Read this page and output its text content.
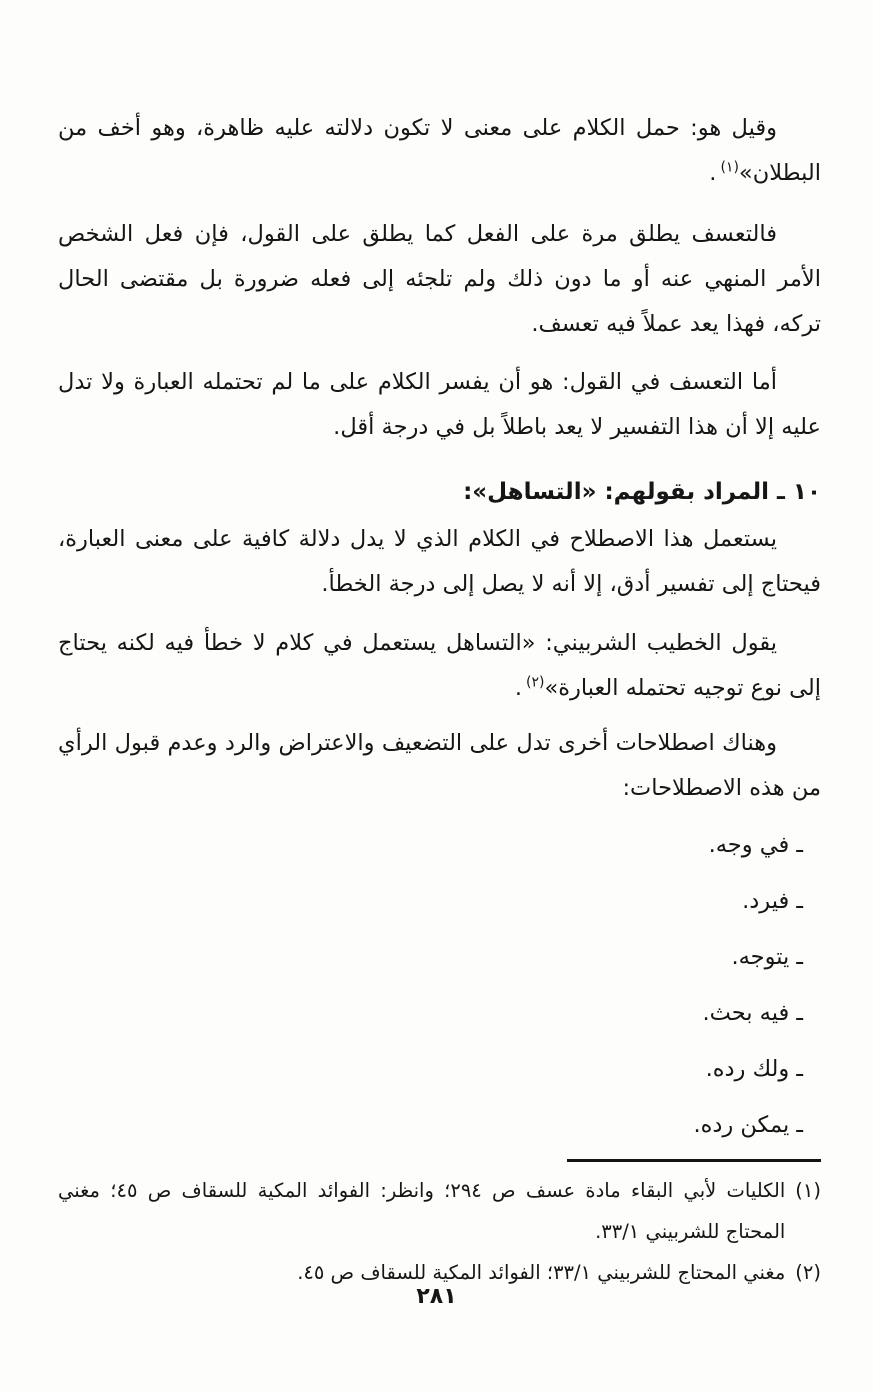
وقيل هو: حمل الكلام على معنى لا تكون دلالته عليه ظاهرة، وهو أخف من البطلان»$^{(١)}$.

فالتعسف يطلق مرة على الفعل كما يطلق على القول، فإن فعل الشخص الأمر المنهي عنه أو ما دون ذلك ولم تلجئه إلى فعله ضرورة بل مقتضى الحال تركه، فهذا يعد عملاً فيه تعسف.

أما التعسف في القول: هو أن يفسر الكلام على ما لم تحتمله العبارة ولا تدل عليه إلا أن هذا التفسير لا يعد باطلاً بل في درجة أقل.

١٠ ـ المراد بقولهم: «التساهل»:

يستعمل هذا الاصطلاح في الكلام الذي لا يدل دلالة كافية على معنى العبارة، فيحتاج إلى تفسير أدق، إلا أنه لا يصل إلى درجة الخطأ.

يقول الخطيب الشربيني: «التساهل يستعمل في كلام لا خطأ فيه لكنه يحتاج إلى نوع توجيه تحتمله العبارة»$^{(٢)}$.

وهناك اصطلاحات أخرى تدل على التضعيف والاعتراض والرد وعدم قبول الرأي من هذه الاصطلاحات:

ـ في وجه.
ـ فيرد.
ـ يتوجه.
ـ فيه بحث.
ـ ولك رده.
ـ يمكن رده.
(١)
الكليات لأبي البقاء مادة عسف ص ٢٩٤؛ وانظر: الفوائد المكية للسقاف ص ٤٥؛ مغني المحتاج للشربيني ٣٣/١.
(٢)
مغني المحتاج للشربيني ٣٣/١؛ الفوائد المكية للسقاف ص ٤٥.
٢٨١
